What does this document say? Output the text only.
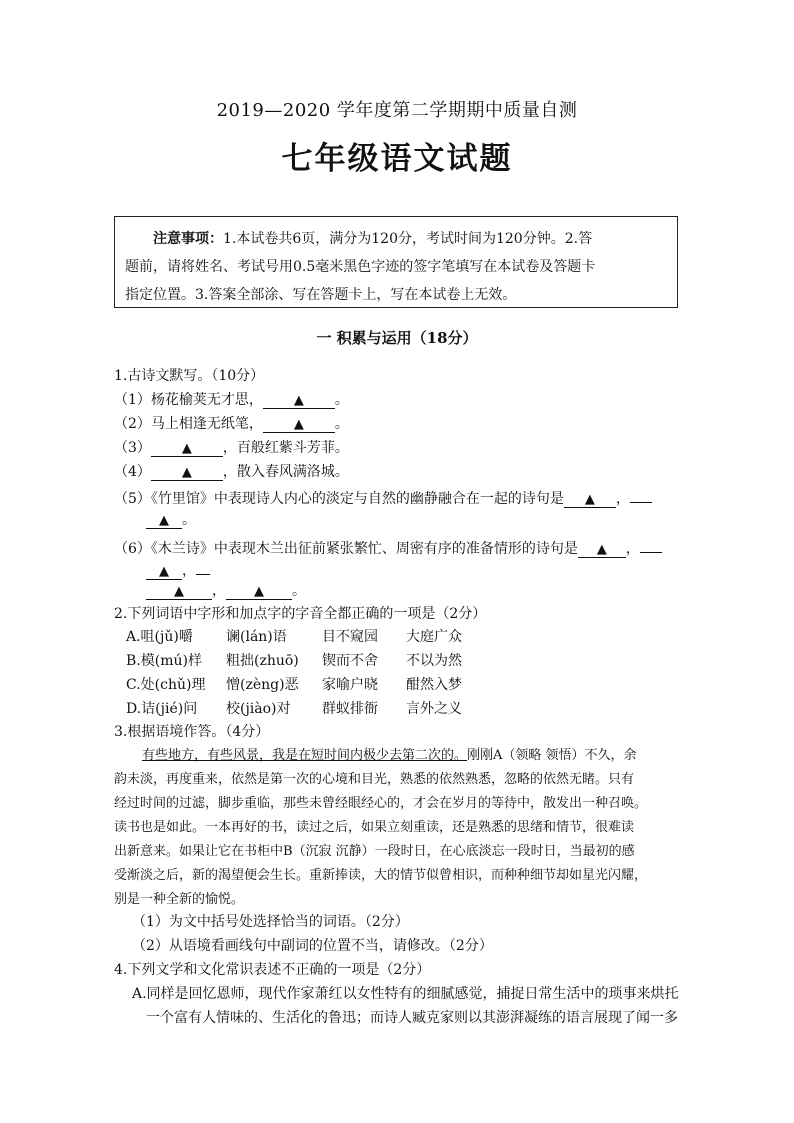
2019—2020 学年度第二学期期中质量自测
七年级语文试题
注意事项：1.本试卷共6页，满分为120分，考试时间为120分钟。2.答
题前，请将姓名、考试号用0.5毫米黑色字迹的签字笔填写在本试卷及答题卡
指定位置。3.答案全部涂、写在答题卡上，写在本试卷上无效。
一 积累与运用（18分）
1.古诗文默写。（10分）
（1）杨花榆荚无才思， ▲ 。
（2）马上相逢无纸笔， ▲ 。
（3） ▲ ，百般红紫斗芳菲。
（4） ▲ ，散入春风满洛城。
（5）《竹里馆》中表现诗人内心的淡定与自然的幽静融合在一起的诗句是 ▲ ，
▲ 。
（6）《木兰诗》中表现木兰出征前紧张繁忙、周密有序的准备情形的诗句是 ▲ ，
▲ ，
▲ ， ▲ 。
2.下列词语中字形和加点字的字音全都正确的一项是（2分）
A.咀(jǔ)嚼 谰(lán)语	目不窥园 大庭广众
B.模(mú)样 粗拙(zhuō) 锲而不舍 不以为然
C.处(chǔ)理 憎(zèng)恶 家喻户晓 酣然入梦
D.诘(jié)问 校(jiào)对 群蚁排衙 言外之义
3.根据语境作答。（4分）
有些地方，有些风景，我是在短时间内极少去第二次的。刚刚A（领略 领悟）不久，余
韵未淡，再度重来，依然是第一次的心境和目光，熟悉的依然熟悉，忽略的依然无睹。只有
经过时间的过滤，脚步重临，那些未曾经眼经心的，才会在岁月的等待中，散发出一种召唤。
读书也是如此。一本再好的书，读过之后，如果立刻重读，还是熟悉的思绪和情节，很难读
出新意来。如果让它在书柜中B（沉寂 沉静）一段时日，在心底淡忘一段时日，当最初的感
受渐淡之后，新的渴望便会生长。重新捧读，大的情节似曾相识，而种种细节却如星光闪耀，
别是一种全新的愉悦。
（1）为文中括号处选择恰当的词语。（2分）
（2）从语境看画线句中副词的位置不当，请修改。（2分）
4.下列文学和文化常识表述不正确的一项是（2分）
A.同样是回忆恩师，现代作家萧红以女性特有的细腻感觉，捕捉日常生活中的琐事来烘托
一个富有人情味的、生活化的鲁迅；而诗人臧克家则以其澎湃凝练的语言展现了闻一多
